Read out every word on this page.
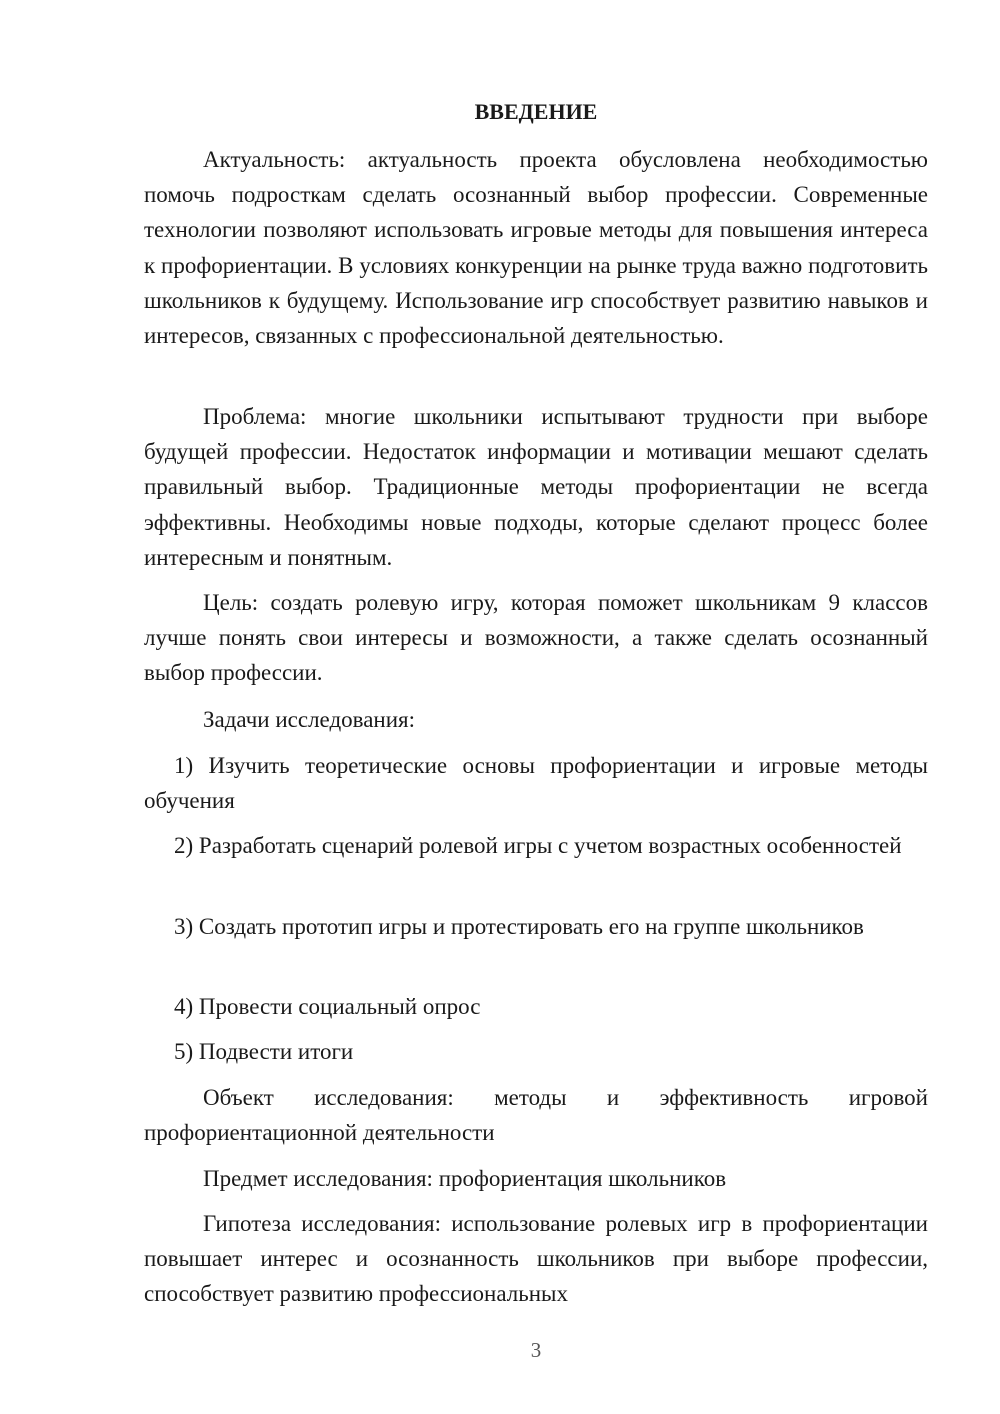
ВВЕДЕНИЕ

Актуальность: актуальность проекта обусловлена необходимостью помочь подросткам сделать осознанный выбор профессии. Современные технологии позволяют использовать игровые методы для повышения интереса к профориентации. В условиях конкуренции на рынке труда важно подготовить школьников к будущему. Использование игр способствует развитию навыков и интересов, связанных с профессиональной деятельностью.

Проблема: многие школьники испытывают трудности при выборе будущей профессии. Недостаток информации и мотивации мешают сделать правильный выбор. Традиционные методы профориентации не всегда эффективны. Необходимы новые подходы, которые сделают процесс более интересным и понятным.

Цель: создать ролевую игру, которая поможет школьникам 9 классов лучше понять свои интересы и возможности, а также сделать осознанный выбор профессии.

Задачи исследования:

1) Изучить теоретические основы профориентации и игровые методы обучения

2) Разработать сценарий ролевой игры с учетом возрастных особенностей

3) Создать прототип игры и протестировать его на группе школьников

4) Провести социальный опрос

5) Подвести итоги

Объект исследования: методы и эффективность игровой профориентационной деятельности

Предмет исследования: профориентация школьников

Гипотеза исследования: использование ролевых игр в профориентации повышает интерес и осознанность школьников при выборе профессии, способствует развитию профессиональных

3
